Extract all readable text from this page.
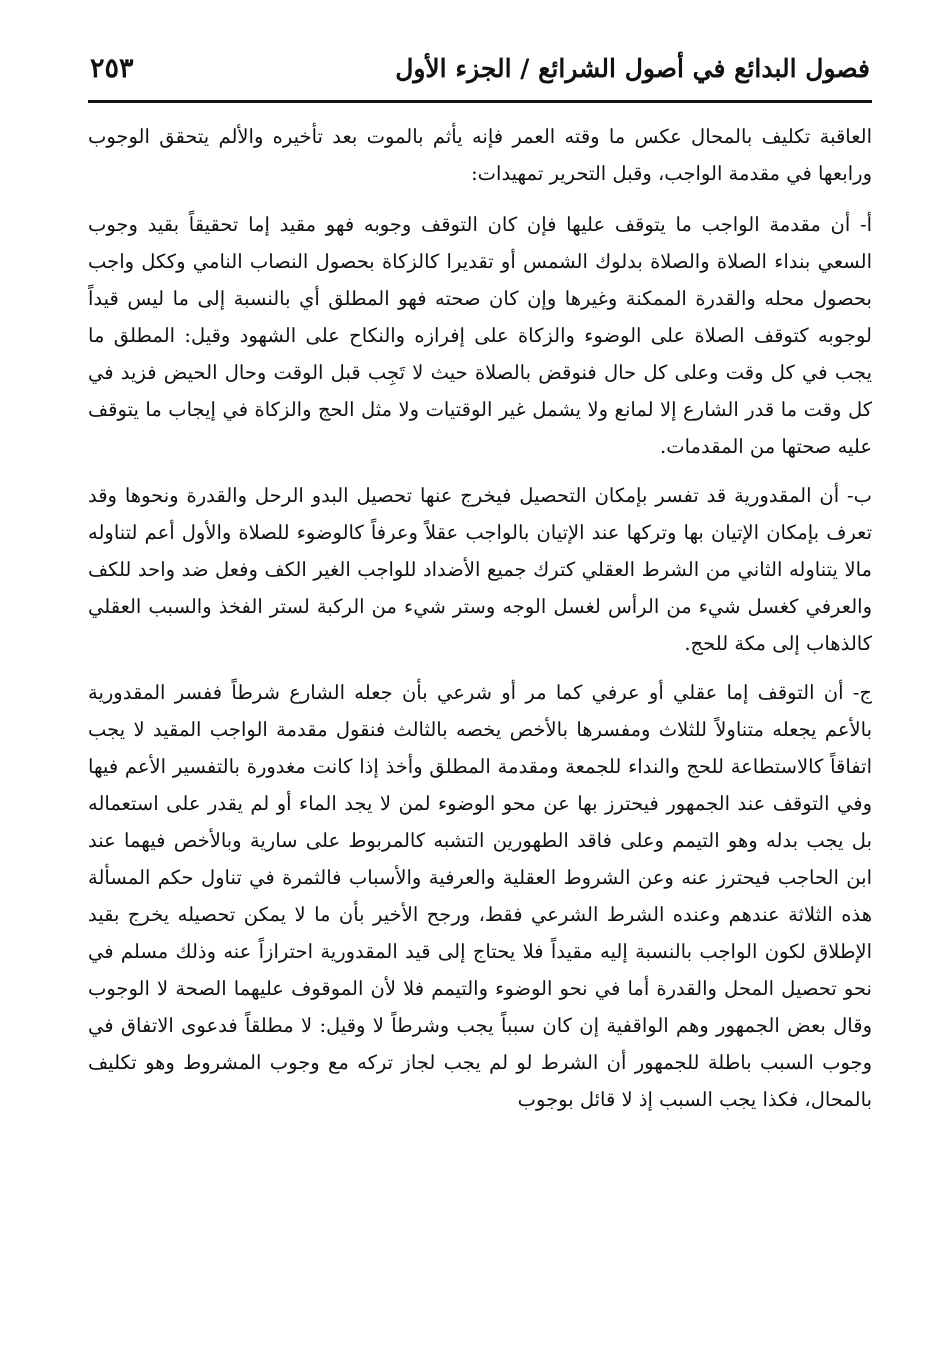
فصول البدائع في أصول الشرائع / الجزء الأول
٢٥٣

العاقبة تكليف بالمحال عكس ما وقته العمر فإنه يأثم بالموت بعد تأخيره والألم يتحقق الوجوب ورابعها في مقدمة الواجب، وقبل التحرير تمهيدات:

أ- أن مقدمة الواجب ما يتوقف عليها فإن كان التوقف وجوبه فهو مقيد إما تحقيقاً بقيد وجوب السعي بنداء الصلاة والصلاة بدلوك الشمس أو تقديرا كالزكاة بحصول النصاب النامي وككل واجب بحصول محله والقدرة الممكنة وغيرها وإن كان صحته فهو المطلق أي بالنسبة إلى ما ليس قيداً لوجوبه كتوقف الصلاة على الوضوء والزكاة على إفرازه والنكاح على الشهود وقيل: المطلق ما يجب في كل وقت وعلى كل حال فنوقض بالصلاة حيث لا تَجِب قبل الوقت وحال الحيض فزيد في كل وقت ما قدر الشارع إلا لمانع ولا يشمل غير الوقتيات ولا مثل الحج والزكاة في إيجاب ما يتوقف عليه صحتها من المقدمات.

ب- أن المقدورية قد تفسر بإمكان التحصيل فيخرج عنها تحصيل البدو الرحل والقدرة ونحوها وقد تعرف بإمكان الإتيان بها وتركها عند الإتيان بالواجب عقلاً وعرفاً كالوضوء للصلاة والأول أعم لتناوله مالا يتناوله الثاني من الشرط العقلي كترك جميع الأضداد للواجب الغير الكف وفعل ضد واحد للكف والعرفي كغسل شيء من الرأس لغسل الوجه وستر شيء من الركبة لستر الفخذ والسبب العقلي كالذهاب إلى مكة للحج.

ج- أن التوقف إما عقلي أو عرفي كما مر أو شرعي بأن جعله الشارع شرطاً ففسر المقدورية بالأعم يجعله متناولاً للثلاث ومفسرها بالأخص يخصه بالثالث فنقول مقدمة الواجب المقيد لا يجب اتفاقاً كالاستطاعة للحج والنداء للجمعة ومقدمة المطلق وأخذ إذا كانت مغدورة بالتفسير الأعم فيها وفي التوقف عند الجمهور فيحترز بها عن محو الوضوء لمن لا يجد الماء أو لم يقدر على استعماله بل يجب بدله وهو التيمم وعلى فاقد الطهورين التشبه كالمربوط على سارية وبالأخص فيهما عند ابن الحاجب فيحترز عنه وعن الشروط العقلية والعرفية والأسباب فالثمرة في تناول حكم المسألة هذه الثلاثة عندهم وعنده الشرط الشرعي فقط، ورجح الأخير بأن ما لا يمكن تحصيله يخرج بقيد الإطلاق لكون الواجب بالنسبة إليه مقيداً فلا يحتاج إلى قيد المقدورية احترازاً عنه وذلك مسلم في نحو تحصيل المحل والقدرة أما في نحو الوضوء والتيمم فلا لأن الموقوف عليهما الصحة لا الوجوب وقال بعض الجمهور وهم الواقفية إن كان سبباً يجب وشرطاً لا وقيل: لا مطلقاً فدعوى الاتفاق في وجوب السبب باطلة للجمهور أن الشرط لو لم يجب لجاز تركه مع وجوب المشروط وهو تكليف بالمحال، فكذا يجب السبب إذ لا قائل بوجوب
